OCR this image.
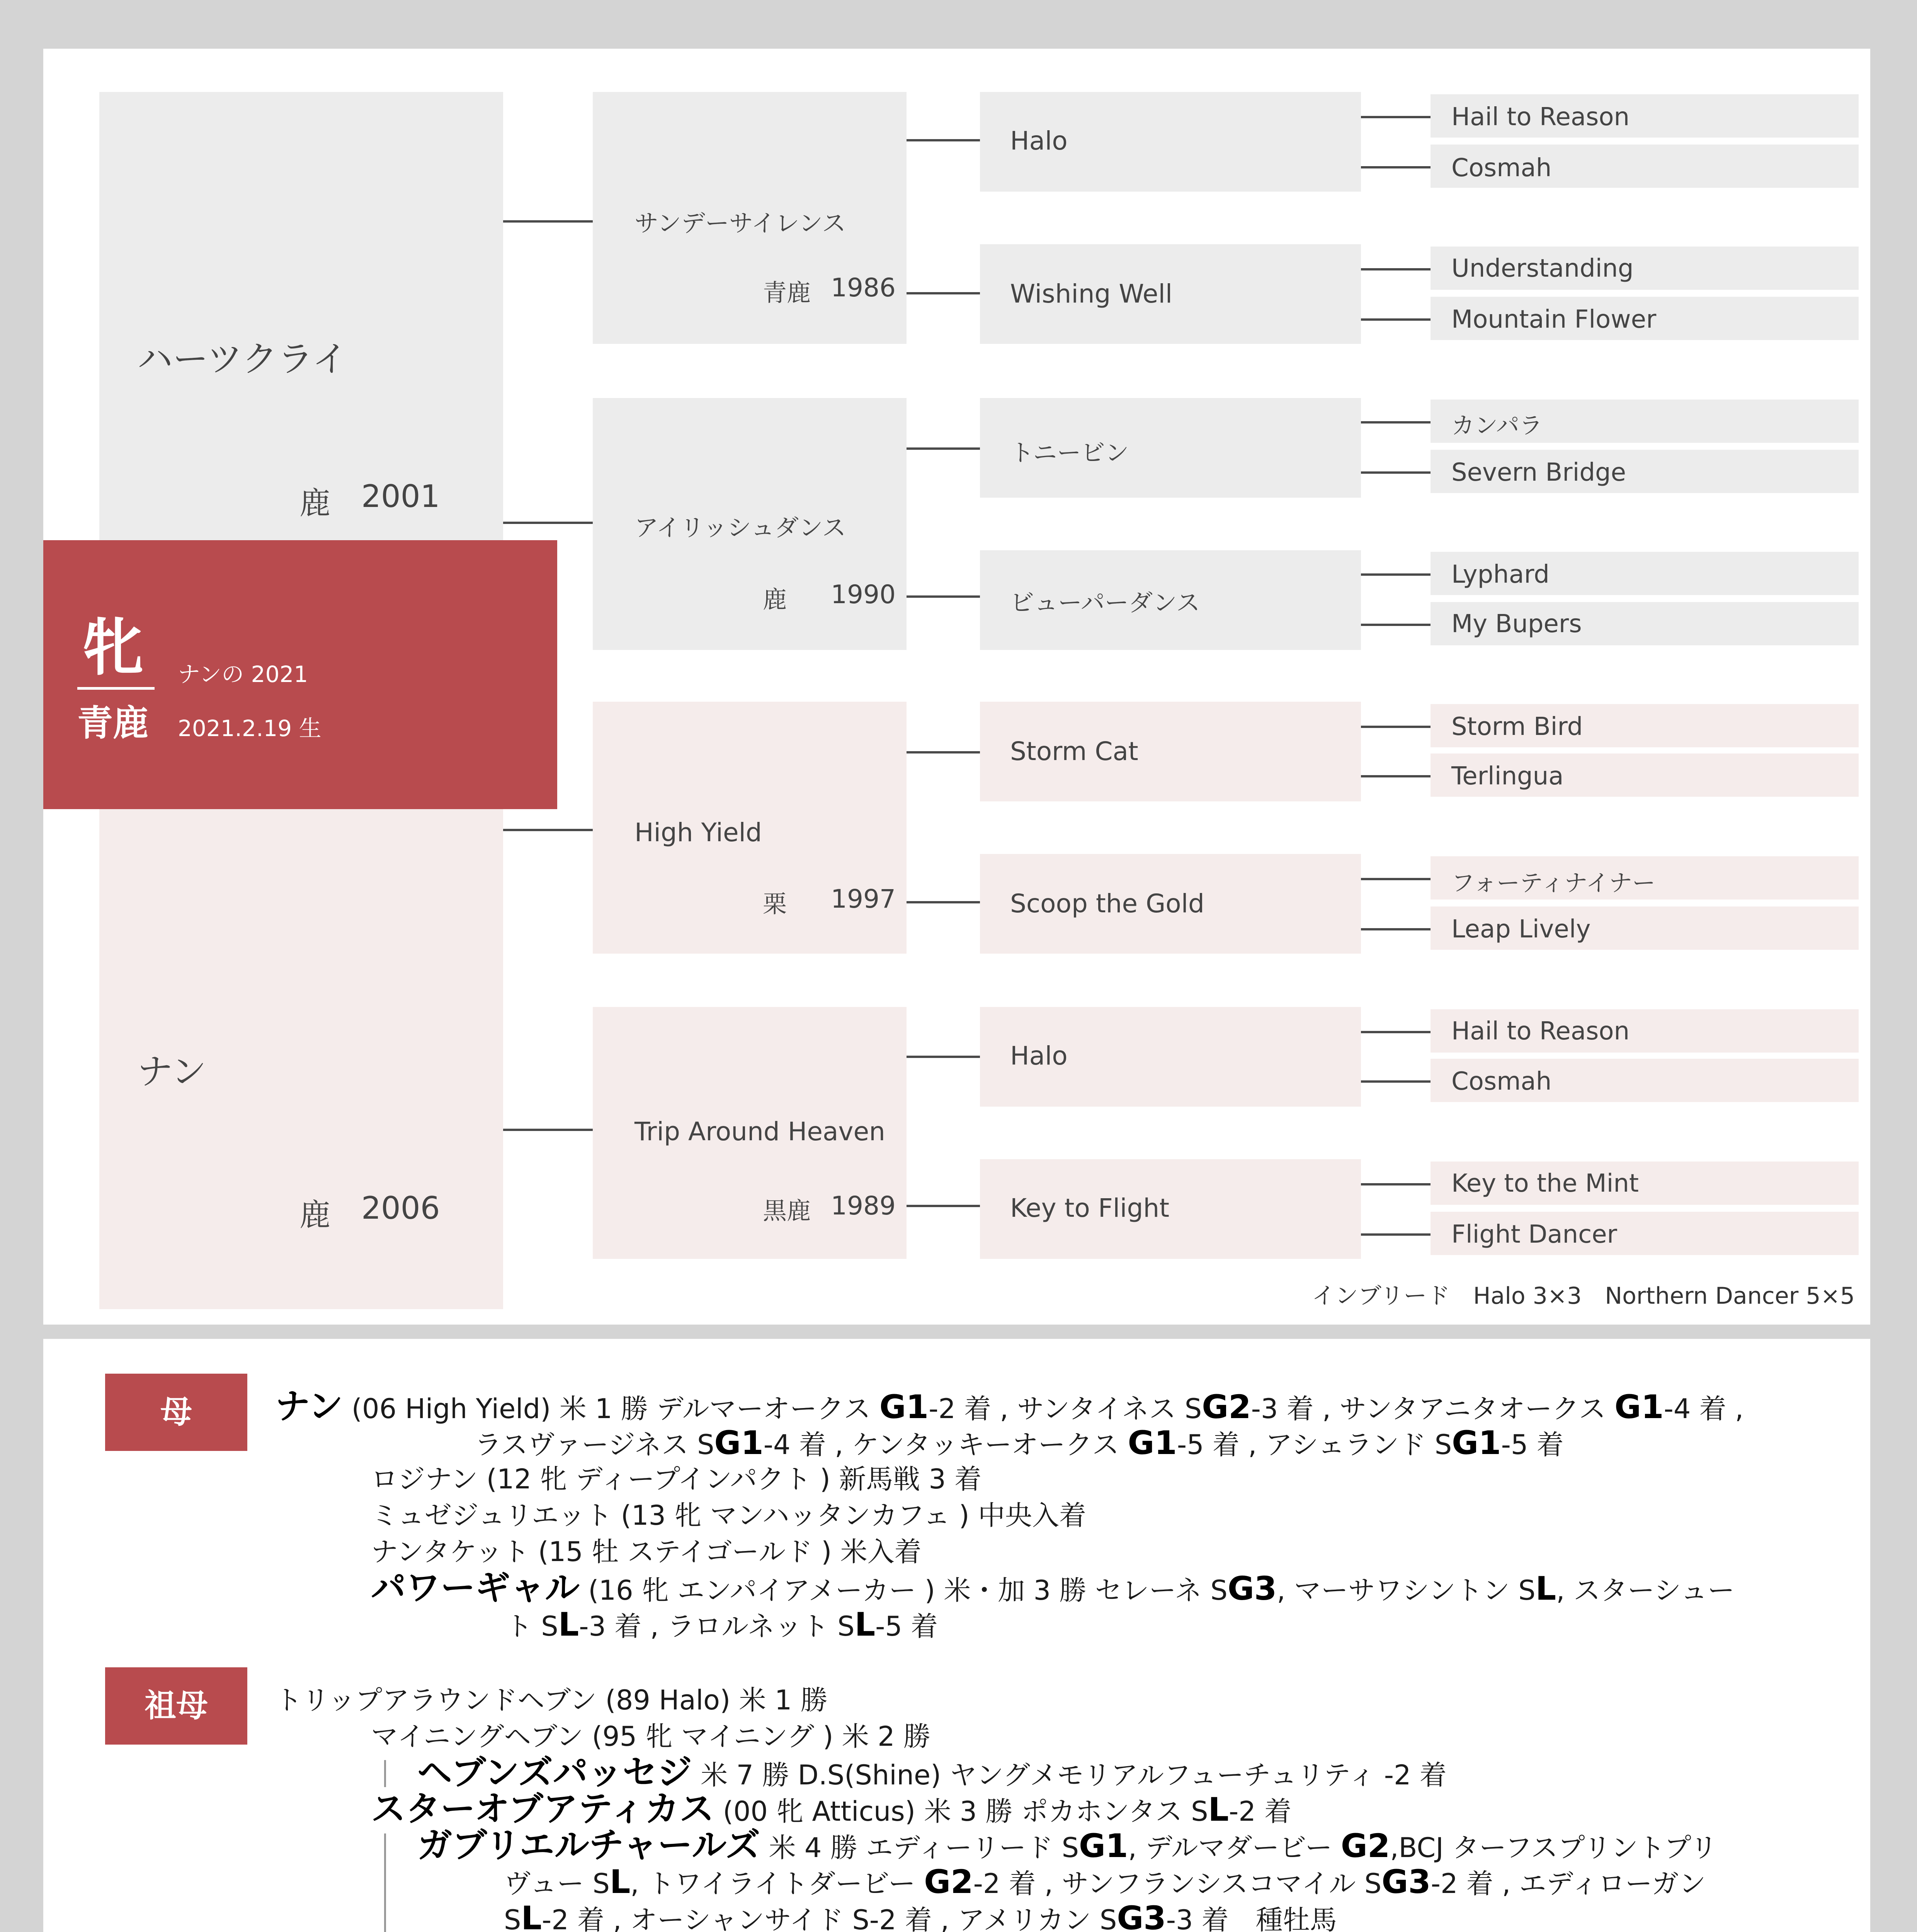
ハーツクライ
鹿 2001
ナン
鹿 2006
牝
青鹿
ナンの 2021
2021.2.19 生
サンデーサイレンス
青鹿 1986
アイリッシュダンス
鹿 1990
High Yield
栗 1997
Trip Around Heaven
黒鹿 1989
Halo
Wishing Well
トニービン
ビューパーダンス
Storm Cat
Scoop the Gold
Halo
Key to Flight
Hail to Reason
Cosmah
Understanding
Mountain Flower
カンパラ
Severn Bridge
Lyphard
My Bupers
Storm Bird
Terlingua
フォーティナイナー
Leap Lively
Hail to Reason
Cosmah
Key to the Mint
Flight Dancer
インブリード　Halo 3×3　Northern Dancer 5×5
母	ナン (06 High Yield) 米 1 勝 デルマーオークス G1-2 着 , サンタイネス SG2-3 着 , サンタアニタオークス G1-4 着 ,
ラスヴァージネス SG1-4 着 , ケンタッキーオークス G1-5 着 , アシェランド SG1-5 着
ロジナン (12 牝 ディープインパクト ) 新馬戦 3 着
ミュゼジュリエット (13 牝 マンハッタンカフェ ) 中央入着
ナンタケット (15 牡 ステイゴールド ) 米入着
パワーギャル (16 牝 エンパイアメーカー ) 米・加 3 勝 セレーネ SG3, マーサワシントン SL, スターシュー
ト SL-3 着 , ラロルネット SL-5 着
祖母	トリップアラウンドヘブン (89 Halo) 米 1 勝
マイニングヘブン (95 牝 マイニング ) 米 2 勝
ヘブンズパッセジ 米 7 勝 D.S(Shine) ヤングメモリアルフューチュリティ -2 着
スターオブアティカス (00 牝 Atticus) 米 3 勝 ポカホンタス SL-2 着
ガブリエルチャールズ 米 4 勝 エディーリード SG1, デルマダービー G2,BCJ ターフスプリントプリ
ヴュー SL, トワイライトダービー G2-2 着 , サンフランシスコマイル SG3-2 着 , エディローガン
SL-2 着 , オーシャンサイド S-2 着 , アメリカン SG3-3 着　種牡馬
